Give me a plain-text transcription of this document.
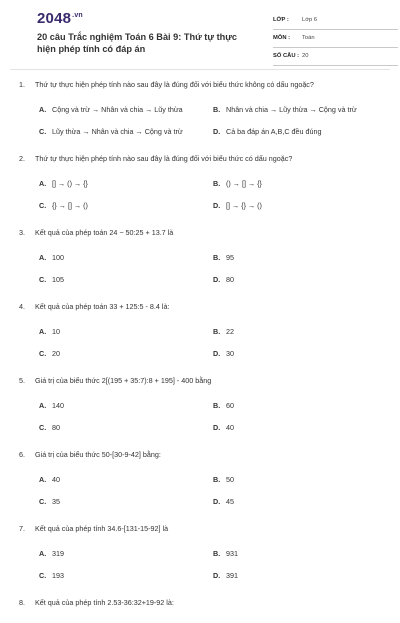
$2048^{.vn}$
20 câu Trắc nghiệm Toán 6 Bài 9: Thứ tự thực hiện phép tính có đáp án
LỚP : Lớp 6
MÔN : Toán
SỐ CÂU : 20
1. Thứ tự thực hiện phép tính nào sau đây là đúng đối với biểu thức không có dấu ngoặc?
A. Cộng và trừ → Nhân và chia → Lũy thừa	B. Nhân và chia → Lũy thừa → Cộng và trừ
C. Lũy thừa → Nhân và chia → Cộng và trừ	D. Cả ba đáp án A,B,C đều đúng
2. Thứ tự thực hiện phép tính nào sau đây là đúng đối với biểu thức có dấu ngoặc?
A. [] → () → {}	B. () → [] → {}
C. {} → [] → ()	D. [] → {} → ()
3. Kết quả của phép toán 24 − 50:25 + 13.7 là
A. 100	B. 95
C. 105	D. 80
4. Kết quả của phép toán 33 + 125:5 - 8.4 là:
A. 10	B. 22
C. 20	D. 30
5. Giá trị của biểu thức 2[(195 + 35:7):8 + 195] - 400 bằng
A. 140	B. 60
C. 80	D. 40
6. Giá trị của biểu thức 50-[30-9-42] bằng:
A. 40	B. 50
C. 35	D. 45
7. Kết quả của phép tính 34.6-[131-15-92] là
A. 319	B. 931
C. 193	D. 391
8. Kết quả của phép tính 2.53-36:32+19-92 là:
